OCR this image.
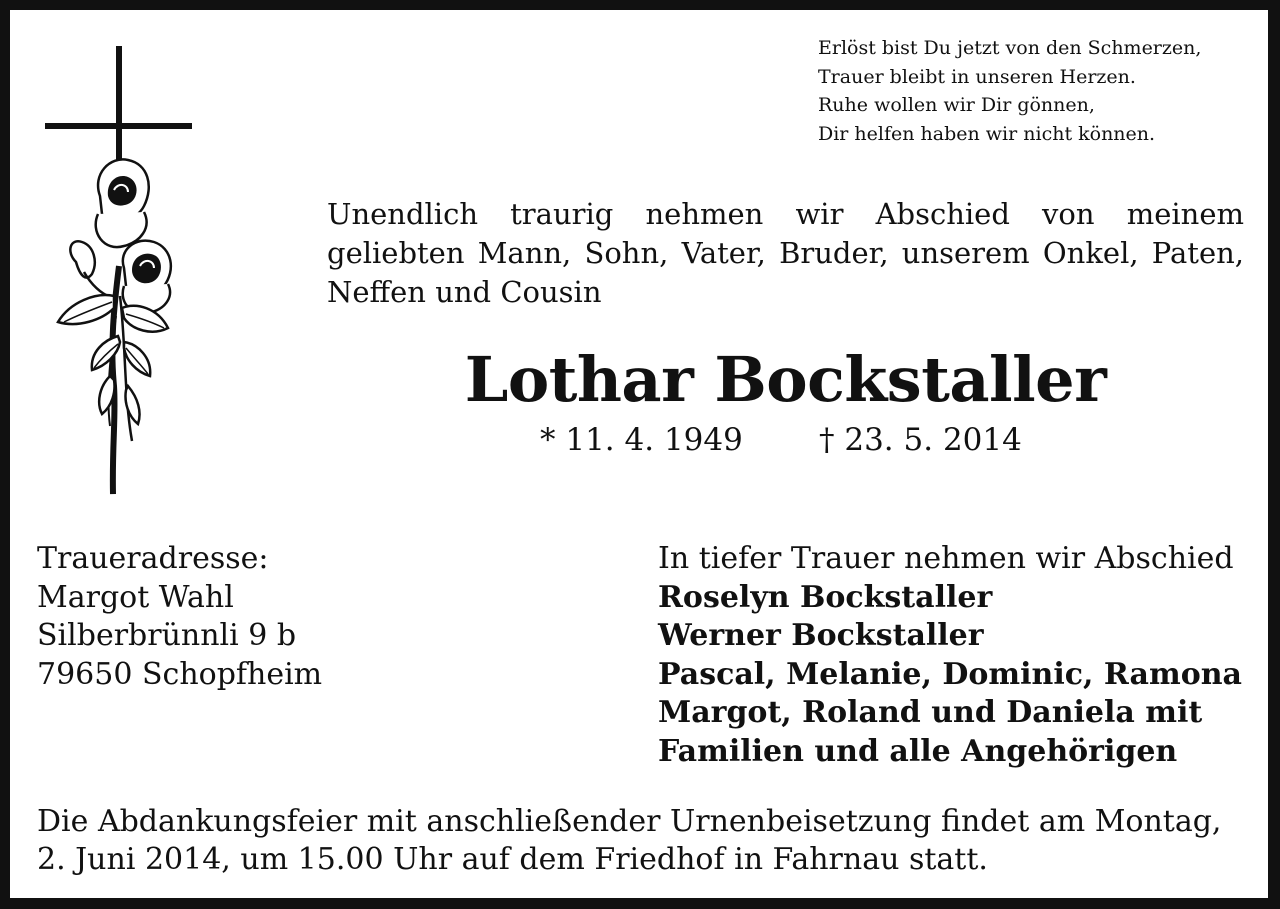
Erlöst bist Du jetzt von den Schmerzen,
Trauer bleibt in unseren Herzen.
Ruhe wollen wir Dir gönnen,
Dir helfen haben wir nicht können.
Unendlich traurig nehmen wir Abschied von meinem geliebten Mann, Sohn, Vater, Bruder, unserem Onkel, Paten, Neffen und Cousin
Lothar Bockstaller
* 11. 4. 1949 † 23. 5. 2014
Traueradresse:
Margot Wahl
Silberbrünnli 9 b
79650 Schopfheim
In tiefer Trauer nehmen wir Abschied
Roselyn Bockstaller
Werner Bockstaller
Pascal, Melanie, Dominic, Ramona
Margot, Roland und Daniela mit
Familien und alle Angehörigen
Die Abdankungsfeier mit anschließender Urnenbeisetzung findet am Montag,
2. Juni 2014, um 15.00 Uhr auf dem Friedhof in Fahrnau statt.
